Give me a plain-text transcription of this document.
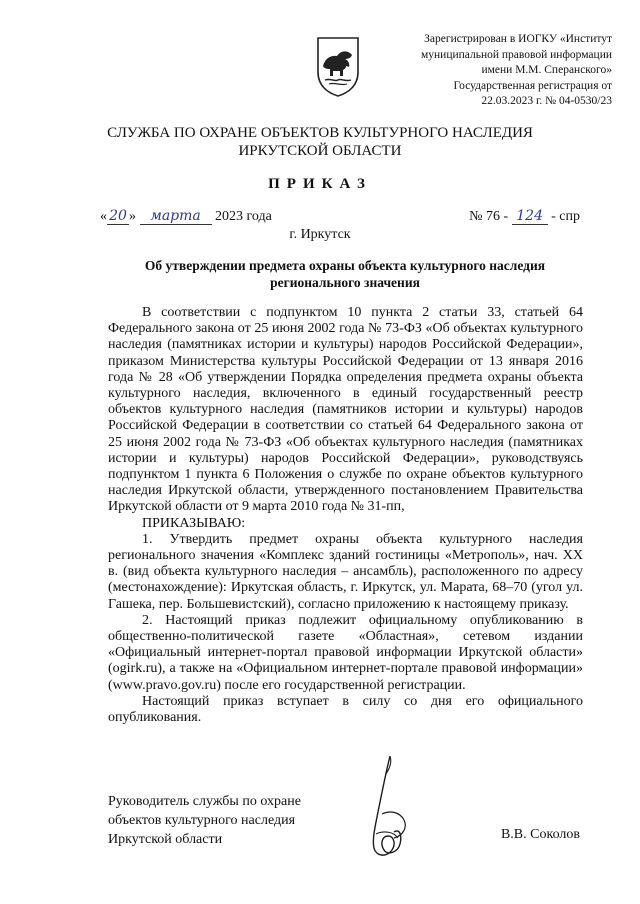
Зарегистрирован в ИОГКУ «Институт
муниципальной правовой информации
имени М.М. Сперанского»
Государственная регистрация от
22.03.2023 г. № 04-0530/23
СЛУЖБА ПО ОХРАНЕ ОБЪЕКТОВ КУЛЬТУРНОГО НАСЛЕДИЯ
ИРКУТСКОЙ ОБЛАСТИ
ПРИКАЗ
« 20 » марта 2023 года	№ 76 - 124 - спр
г. Иркутск
Об утверждении предмета охраны объекта культурного наследия
регионального значения

В соответствии с подпунктом 10 пункта 2 статьи 33, статьей 64 Федерального закона от 25 июня 2002 года № 73-ФЗ «Об объектах культурного наследия (памятниках истории и культуры) народов Российской Федерации», приказом Министерства культуры Российской Федерации от 13 января 2016 года № 28 «Об утверждении Порядка определения предмета охраны объекта культурного наследия, включенного в единый государственный реестр объектов культурного наследия (памятников истории и культуры) народов Российской Федерации в соответствии со статьей 64 Федерального закона от 25 июня 2002 года № 73-ФЗ «Об объектах культурного наследия (памятниках истории и культуры) народов Российской Федерации», руководствуясь подпунктом 1 пункта 6 Положения о службе по охране объектов культурного наследия Иркутской области, утвержденного постановлением Правительства Иркутской области от 9 марта 2010 года № 31-пп,

ПРИКАЗЫВАЮ:

1. Утвердить предмет охраны объекта культурного наследия регионального значения «Комплекс зданий гостиницы «Метрополь», нач. XX в. (вид объекта культурного наследия – ансамбль), расположенного по адресу (местонахождение): Иркутская область, г. Иркутск, ул. Марата, 68–70 (угол ул. Гашека, пер. Большевистский), согласно приложению к настоящему приказу.

2. Настоящий приказ подлежит официальному опубликованию в общественно-политической газете «Областная», сетевом издании «Официальный интернет-портал правовой информации Иркутской области» (ogirk.ru), а также на «Официальном интернет-портале правовой информации» (www.pravo.gov.ru) после его государственной регистрации.

Настоящий приказ вступает в силу со дня его официального опубликования.

Руководитель службы по охране
объектов культурного наследия
Иркутской области	В.В. Соколов
